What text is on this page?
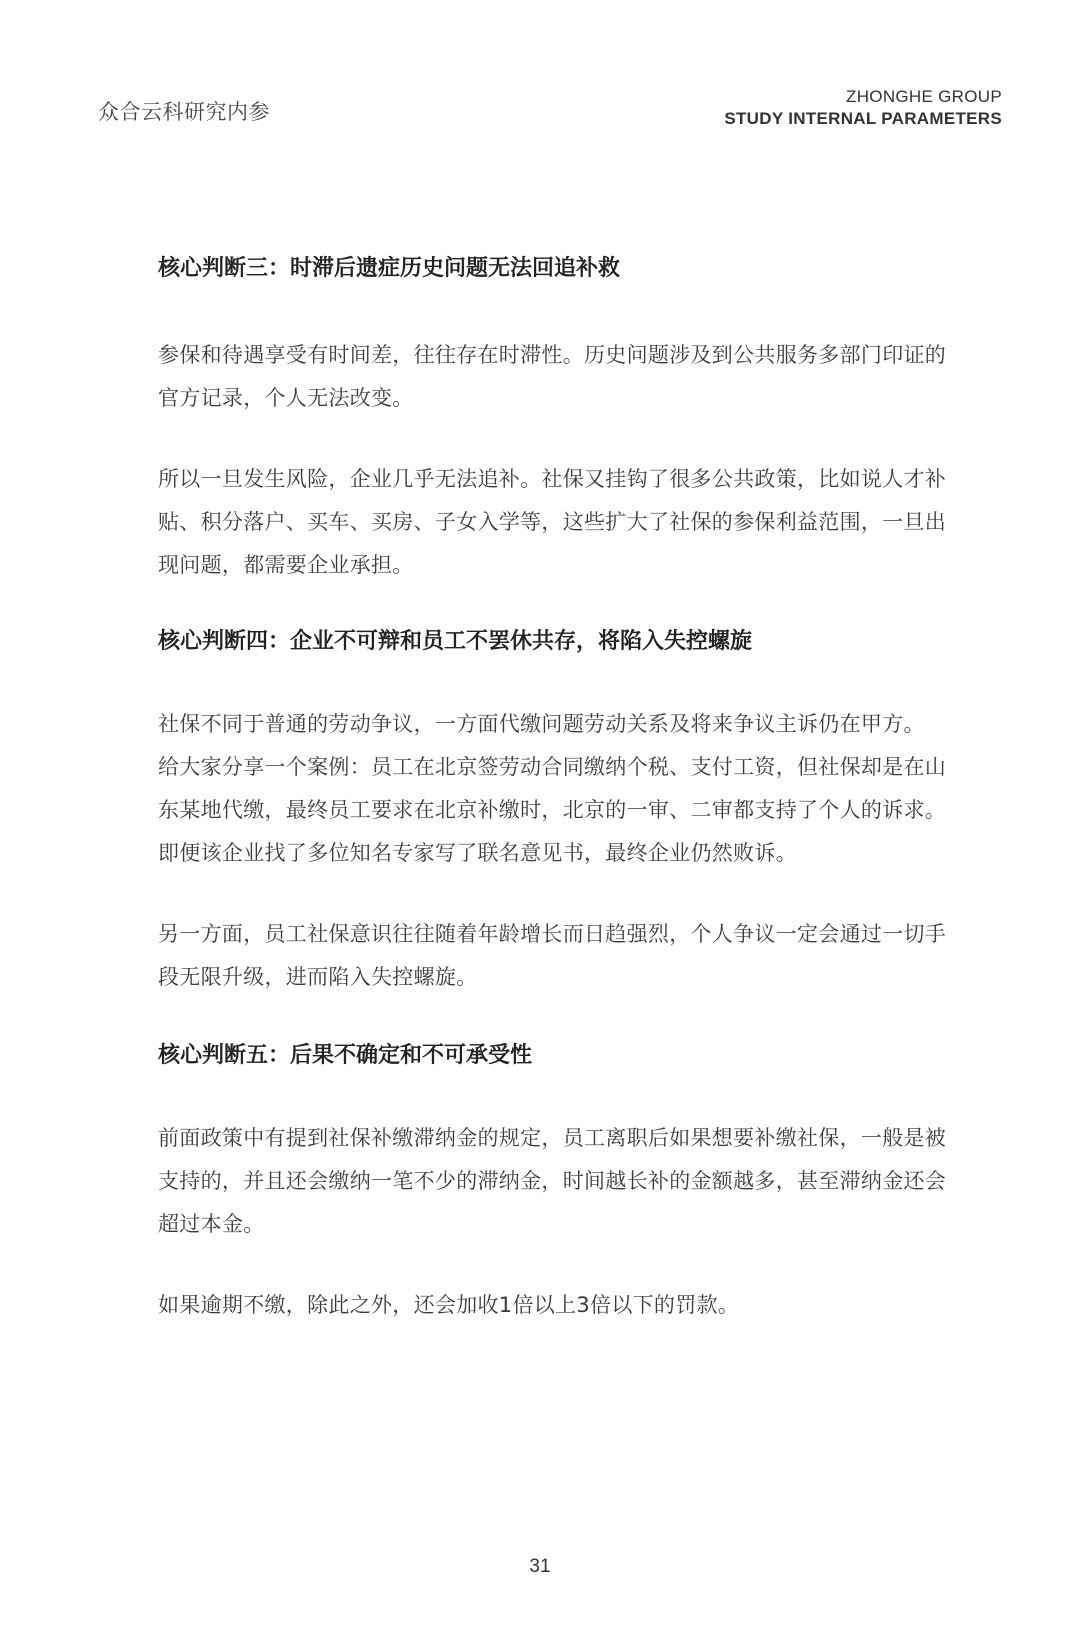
众合云科研究内参
ZHONGHE GROUP
STUDY INTERNAL PARAMETERS

核心判断三：时滞后遗症历史问题无法回追补救

参保和待遇享受有时间差，往往存在时滞性。历史问题涉及到公共服务多部门印证的官方记录，个人无法改变。

所以一旦发生风险，企业几乎无法追补。社保又挂钩了很多公共政策，比如说人才补贴、积分落户、买车、买房、子女入学等，这些扩大了社保的参保利益范围，一旦出现问题，都需要企业承担。

核心判断四：企业不可辩和员工不罢休共存，将陷入失控螺旋

社保不同于普通的劳动争议，一方面代缴问题劳动关系及将来争议主诉仍在甲方。

给大家分享一个案例：员工在北京签劳动合同缴纳个税、支付工资，但社保却是在山东某地代缴，最终员工要求在北京补缴时，北京的一审、二审都支持了个人的诉求。即便该企业找了多位知名专家写了联名意见书，最终企业仍然败诉。

另一方面，员工社保意识往往随着年龄增长而日趋强烈，个人争议一定会通过一切手段无限升级，进而陷入失控螺旋。

核心判断五：后果不确定和不可承受性

前面政策中有提到社保补缴滞纳金的规定，员工离职后如果想要补缴社保，一般是被支持的，并且还会缴纳一笔不少的滞纳金，时间越长补的金额越多，甚至滞纳金还会超过本金。

如果逾期不缴，除此之外，还会加收1倍以上3倍以下的罚款。

31
